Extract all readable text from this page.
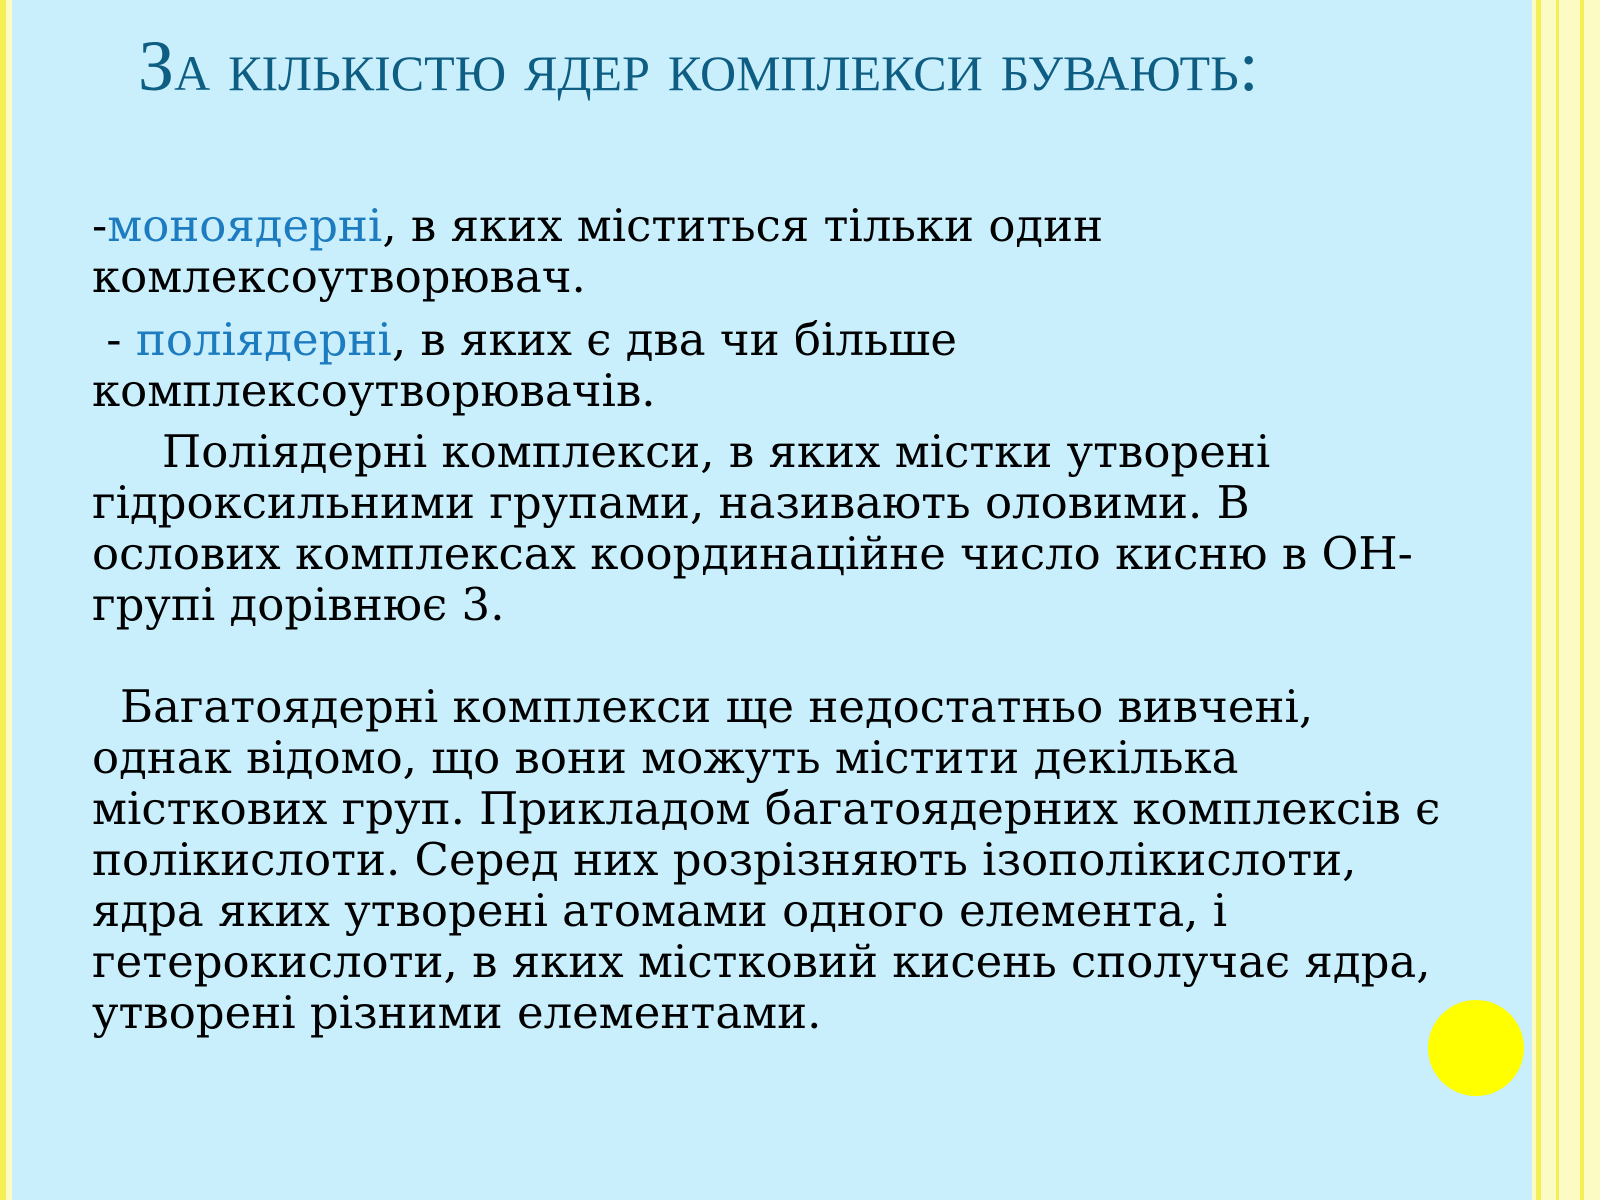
За кількістю ядер комплекси бувають:

-моноядерні, в яких міститься тільки один комлексоутворювач.

- поліядерні, в яких є два чи більше комплексоутворювачів.

Поліядерні комплекси, в яких містки утворені гідроксильними групами, називають оловими. В ослових комплексах координаційне число кисню в ОН-групі дорівнює 3.

Багатоядерні комплекси ще недостатньо вивчені, однак відомо, що вони можуть містити декілька місткових груп. Прикладом багатоядерних комплексів є полікислоти. Серед них розрізняють ізополікислоти, ядра яких утворені атомами одного елемента, і гетерокислоти, в яких містковий кисень сполучає ядра, утворені різними елементами.
